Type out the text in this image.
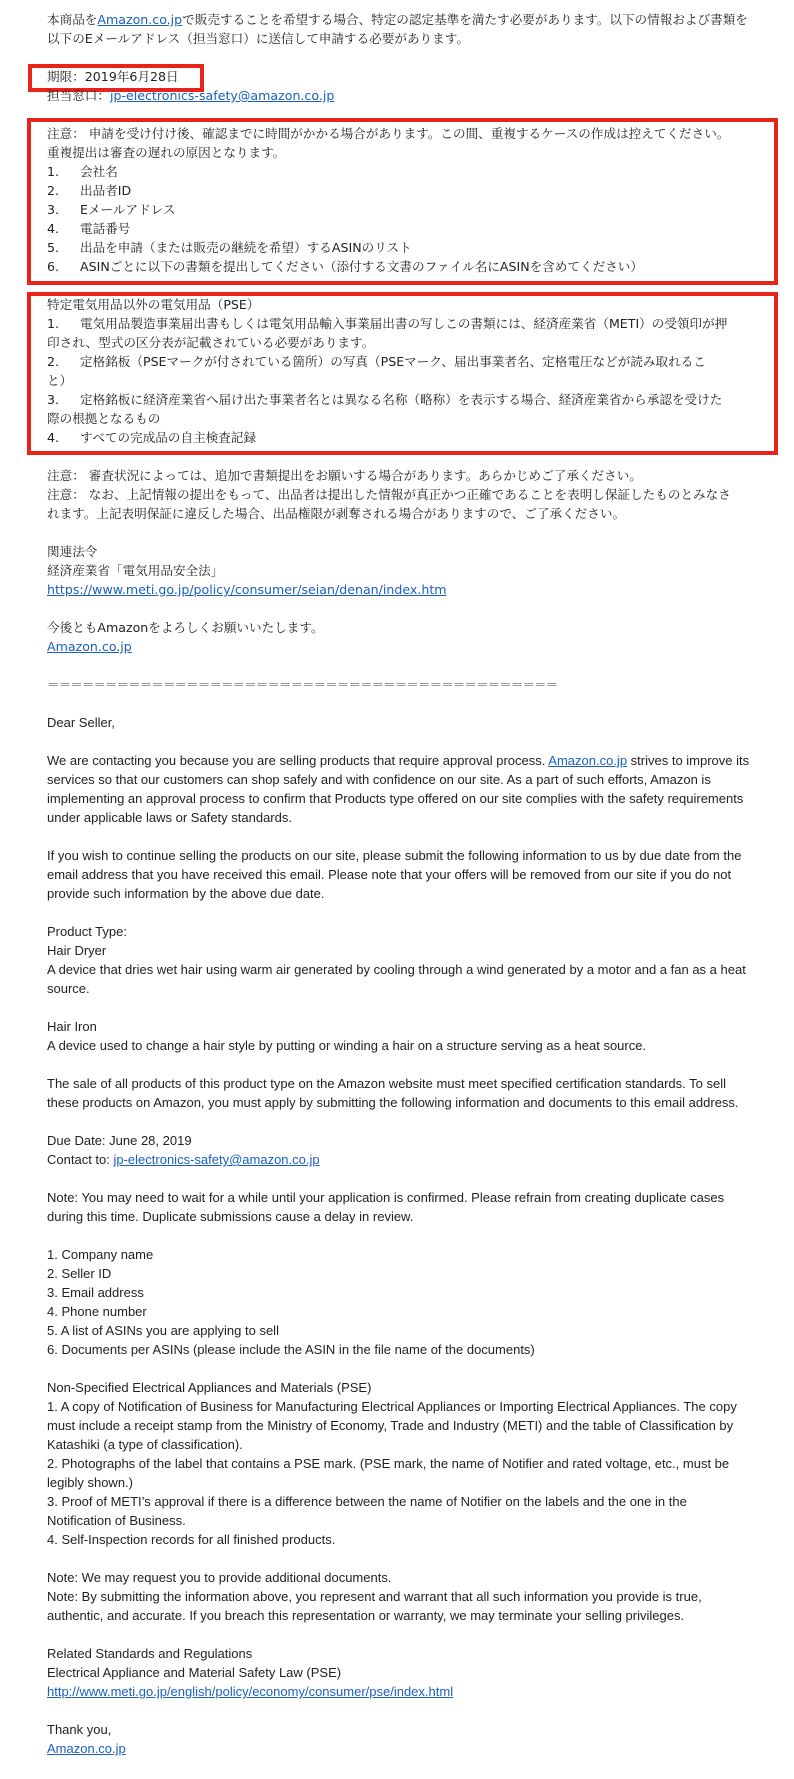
本商品をAmazon.co.jpで販売することを希望する場合、特定の認定基準を満たす必要があります。以下の情報および書類を以下のEメールアドレス（担当窓口）に送信して申請する必要があります。

期限：2019年6月28日

担当窓口：jp-electronics-safety@amazon.co.jp

注意： 申請を受け付け後、確認までに時間がかかる場合があります。この間、重複するケースの作成は控えてください。

重複提出は審査の遅れの原因となります。

1. 会社名

2. 出品者ID

3. Eメールアドレス

4. 電話番号

5. 出品を申請（または販売の継続を希望）するASINのリスト

6. ASINごとに以下の書類を提出してください（添付する文書のファイル名にASINを含めてください）

特定電気用品以外の電気用品（PSE）

1. 電気用品製造事業届出書もしくは電気用品輸入事業届出書の写しこの書類には、経済産業省（METI）の受領印が押

印され、型式の区分表が記載されている必要があります。

2. 定格銘板（PSEマークが付されている箇所）の写真（PSEマーク、届出事業者名、定格電圧などが読み取れるこ

と）

3. 定格銘板に経済産業省へ届け出た事業者名とは異なる名称（略称）を表示する場合、経済産業省から承認を受けた

際の根拠となるもの

4. すべての完成品の自主検査記録

注意： 審査状況によっては、追加で書類提出をお願いする場合があります。あらかじめご了承ください。

注意： なお、上記情報の提出をもって、出品者は提出した情報が真正かつ正確であることを表明し保証したものとみなさ

れます。上記表明保証に違反した場合、出品権限が剥奪される場合がありますので、ご了承ください。

関連法令

経済産業省「電気用品安全法」

https://www.meti.go.jp/policy/consumer/seian/denan/index.htm

今後ともAmazonをよろしくお願いいたします。

Amazon.co.jp

＝＝＝＝＝＝＝＝＝＝＝＝＝＝＝＝＝＝＝＝＝＝＝＝＝＝＝＝＝＝＝＝＝＝＝＝＝＝＝＝＝＝＝＝

Dear Seller,

We are contacting you because you are selling products that require approval process. Amazon.co.jp strives to improve its

services so that our customers can shop safely and with confidence on our site. As a part of such efforts, Amazon is

implementing an approval process to confirm that Products type offered on our site complies with the safety requirements

under applicable laws or Safety standards.

If you wish to continue selling the products on our site, please submit the following information to us by due date from the

email address that you have received this email. Please note that your offers will be removed from our site if you do not

provide such information by the above due date.

Product Type:

Hair Dryer

A device that dries wet hair using warm air generated by cooling through a wind generated by a motor and a fan as a heat

source.

Hair Iron

A device used to change a hair style by putting or winding a hair on a structure serving as a heat source.

The sale of all products of this product type on the Amazon website must meet specified certification standards. To sell

these products on Amazon, you must apply by submitting the following information and documents to this email address.

Due Date: June 28, 2019

Contact to: jp-electronics-safety@amazon.co.jp

Note: You may need to wait for a while until your application is confirmed. Please refrain from creating duplicate cases

during this time. Duplicate submissions cause a delay in review.

1. Company name

2. Seller ID

3. Email address

4. Phone number

5. A list of ASINs you are applying to sell

6. Documents per ASINs (please include the ASIN in the file name of the documents)

Non-Specified Electrical Appliances and Materials (PSE)

1. A copy of Notification of Business for Manufacturing Electrical Appliances or Importing Electrical Appliances. The copy

must include a receipt stamp from the Ministry of Economy, Trade and Industry (METI) and the table of Classification by

Katashiki (a type of classification).

2. Photographs of the label that contains a PSE mark. (PSE mark, the name of Notifier and rated voltage, etc., must be

legibly shown.)

3. Proof of METI’s approval if there is a difference between the name of Notifier on the labels and the one in the

Notification of Business.

4. Self-Inspection records for all finished products.

Note: We may request you to provide additional documents.

Note: By submitting the information above, you represent and warrant that all such information you provide is true,

authentic, and accurate. If you breach this representation or warranty, we may terminate your selling privileges.

Related Standards and Regulations

Electrical Appliance and Material Safety Law (PSE)

http://www.meti.go.jp/english/policy/economy/consumer/pse/index.html

Thank you,

Amazon.co.jp
